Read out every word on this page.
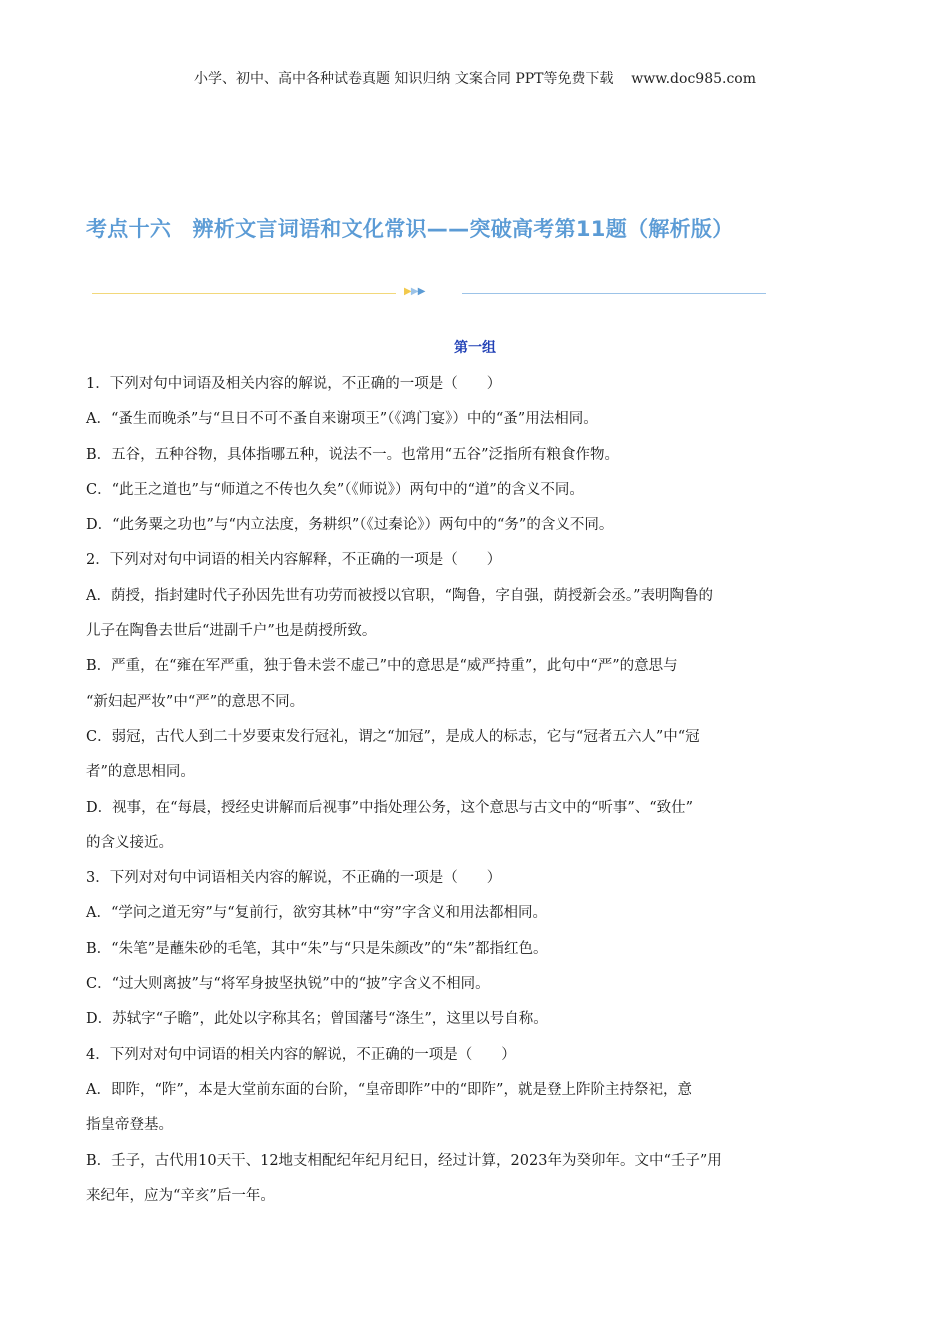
小学、初中、高中各种试卷真题 知识归纳 文案合同 PPT等免费下载    www.doc985.com
考点十六　辨析文言词语和文化常识——突破高考第11题（解析版）
▶ ▶ ▶
第一组

1．下列对句中词语及相关内容的解说，不正确的一项是（　　）

A．“蚤生而晚杀”与“旦日不可不蚤自来谢项王”（《鸿门宴》）中的“蚤”用法相同。

B．五谷，五种谷物，具体指哪五种，说法不一。也常用“五谷”泛指所有粮食作物。

C．“此王之道也”与“师道之不传也久矣”（《师说》）两句中的“道”的含义不同。

D．“此务粟之功也”与“内立法度，务耕织”（《过秦论》）两句中的“务”的含义不同。

2．下列对对句中词语的相关内容解释，不正确的一项是（　　）

A．荫授，指封建时代子孙因先世有功劳而被授以官职，“陶鲁，字自强，荫授新会丞。”表明陶鲁的

儿子在陶鲁去世后“进副千户”也是荫授所致。

B．严重，在“雍在军严重，独于鲁未尝不虚己”中的意思是“威严持重”，此句中“严”的意思与

“新妇起严妆”中“严”的意思不同。

C．弱冠，古代人到二十岁要束发行冠礼，谓之“加冠”，是成人的标志，它与“冠者五六人”中“冠

者”的意思相同。

D．视事，在“每晨，授经史讲解而后视事”中指处理公务，这个意思与古文中的“听事”、“致仕”

的含义接近。

3．下列对对句中词语相关内容的解说，不正确的一项是（　　）

A．“学问之道无穷”与“复前行，欲穷其林”中“穷”字含义和用法都相同。

B．“朱笔”是蘸朱砂的毛笔，其中“朱”与“只是朱颜改”的“朱”都指红色。

C．“过大则离披”与“将军身披坚执锐”中的“披”字含义不相同。

D．苏轼字“子瞻”，此处以字称其名；曾国藩号“涤生”，这里以号自称。

4．下列对对句中词语的相关内容的解说，不正确的一项是（　　）

A．即阼，“阼”，本是大堂前东面的台阶，“皇帝即阼”中的“即阼”，就是登上阼阶主持祭祀，意

指皇帝登基。

B．壬子，古代用10天干、12地支相配纪年纪月纪日，经过计算，2023年为癸卯年。文中“壬子”用

来纪年，应为“辛亥”后一年。
